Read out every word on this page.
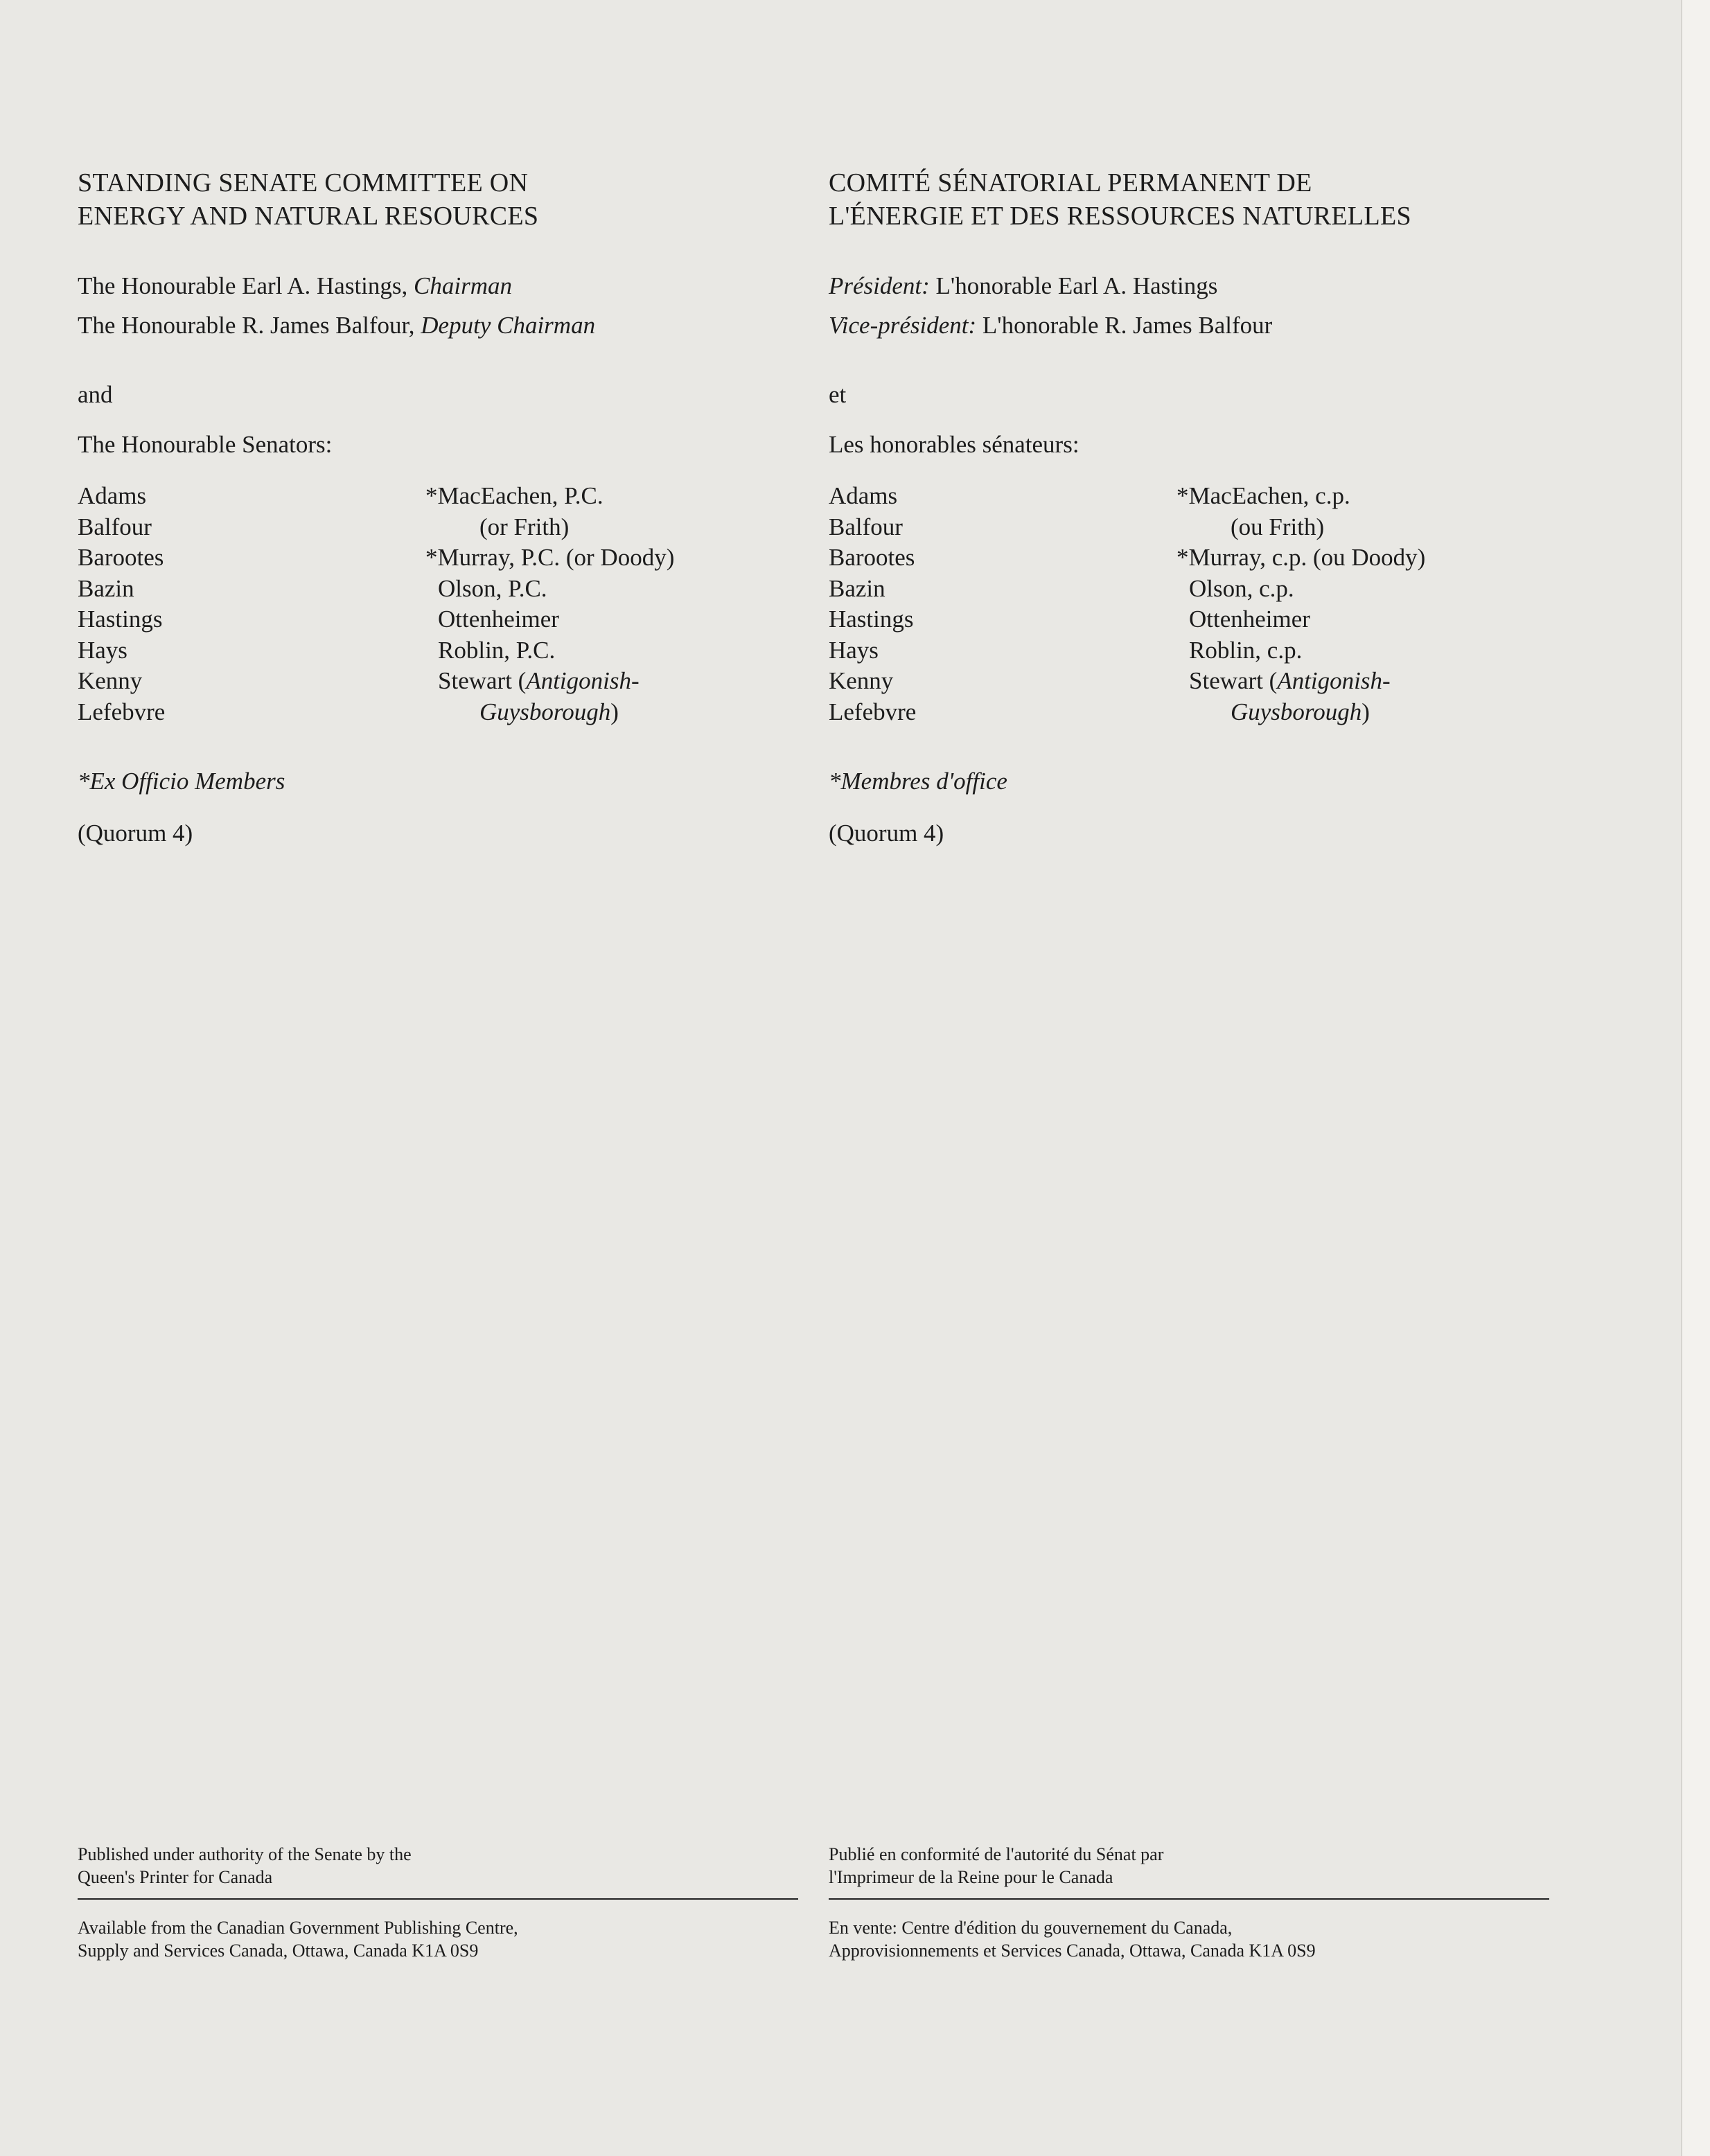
STANDING SENATE COMMITTEE ON
ENERGY AND NATURAL RESOURCES
The Honourable Earl A. Hastings, Chairman
The Honourable R. James Balfour, Deputy Chairman
and
The Honourable Senators:
Adams
Balfour
Barootes
Bazin
Hastings
Hays
Kenny
Lefebvre
*MacEachen, P.C.
(or Frith)
*Murray, P.C. (or Doody)
Olson, P.C.
Ottenheimer
Roblin, P.C.
Stewart (Antigonish-
Guysborough)
*Ex Officio Members
(Quorum 4)
Published under authority of the Senate by the
Queen's Printer for Canada
Available from the Canadian Government Publishing Centre,
Supply and Services Canada, Ottawa, Canada K1A 0S9
COMITÉ SÉNATORIAL PERMANENT DE
L'ÉNERGIE ET DES RESSOURCES NATURELLES
Président: L'honorable Earl A. Hastings
Vice-président: L'honorable R. James Balfour
et
Les honorables sénateurs:
Adams
Balfour
Barootes
Bazin
Hastings
Hays
Kenny
Lefebvre
*MacEachen, c.p.
(ou Frith)
*Murray, c.p. (ou Doody)
Olson, c.p.
Ottenheimer
Roblin, c.p.
Stewart (Antigonish-
Guysborough)
*Membres d'office
(Quorum 4)
Publié en conformité de l'autorité du Sénat par
l'Imprimeur de la Reine pour le Canada
En vente: Centre d'édition du gouvernement du Canada,
Approvisionnements et Services Canada, Ottawa, Canada K1A 0S9
